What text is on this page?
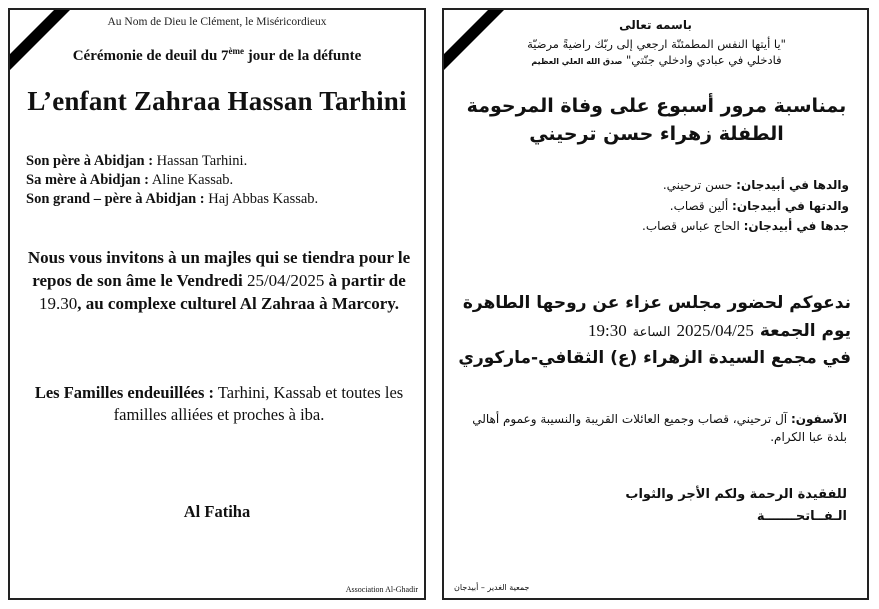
Au Nom de Dieu le Clément, le Miséricordieux
Cérémonie de deuil du 7ème jour de la défunte
L’enfant Zahraa Hassan Tarhini
Son père à Abidjan : Hassan Tarhini.
Sa mère à Abidjan : Aline Kassab.
Son grand – père à Abidjan : Haj Abbas Kassab.
Nous vous invitons à un majles qui se tiendra pour le repos de son âme le Vendredi 25/04/2025 à partir de 19.30, au complexe culturel Al Zahraa à Marcory.
Les Familles endeuillées : Tarhini, Kassab et toutes les familles alliées et proches à iba.
Al Fatiha
Association Al-Ghadir
باسمه تعالى
"يا أيتها النفس المطمئنّة ارجعي إلى ربّك راضيةً مرضيّة
فادخلي في عبادي وادخلي جنّتي" صدق الله العلي العظيم
بمناسبة مرور أسبوع على وفاة المرحومة
الطفلة زهراء حسن ترحيني
والدها في أبيدجان: حسن ترحيني.
والدتها في أبيدجان: ألين قصاب.
جدها في أبيدجان: الحاج عباس قصاب.
ندعوكم لحضور مجلس عزاء عن روحها الطاهرة
يوم الجمعة 2025/04/25 الساعة 19:30
في مجمع السيدة الزهراء (ع) الثقافي-ماركوري
الآسفون: آل ترحيني، قصاب وجميع العائلات القريبة والنسيبة وعموم أهالي بلدة عبا الكرام.
للفقيدة الرحمة ولكم الأجر والثواب
الـفــاتحـــــــة
جمعية الغدير – أبيدجان
